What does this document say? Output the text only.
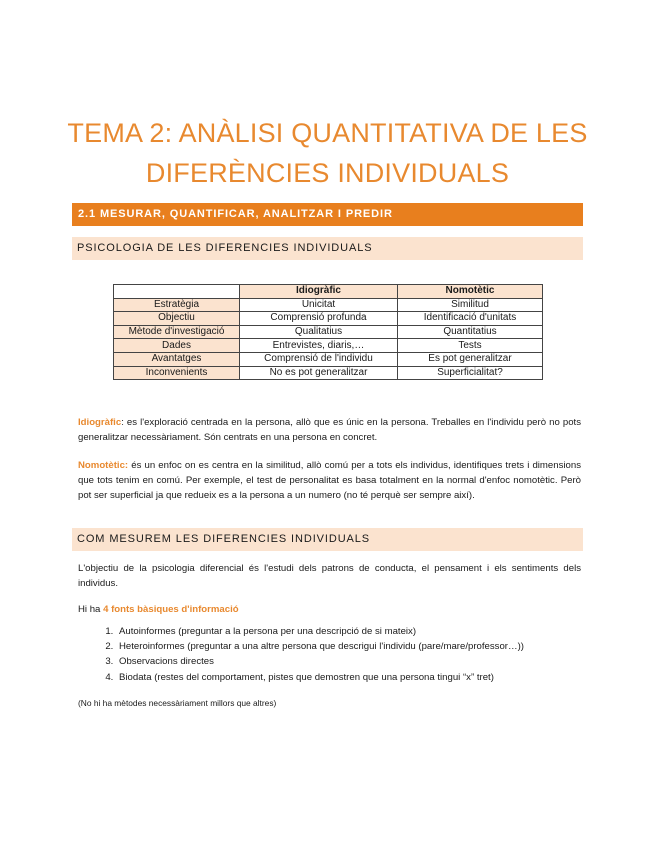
TEMA 2: ANÀLISI QUANTITATIVA DE LES
DIFERÈNCIES INDIVIDUALS
2.1 MESURAR, QUANTIFICAR, ANALITZAR I PREDIR
PSICOLOGIA DE LES DIFERENCIES INDIVIDUALS
	Idiogràfic	Nomotètic
Estratègia	Unicitat	Similitud
Objectiu	Comprensió profunda	Identificació d'unitats
Mètode d'investigació	Qualitatius	Quantitatius
Dades	Entrevistes, diaris,…	Tests
Avantatges	Comprensió de l'individu	Es pot generalitzar
Inconvenients	No es pot generalitzar	Superficialitat?

Idiogràfic: es l'exploració centrada en la persona, allò que es únic en la persona. Treballes en l'individu però no pots generalitzar necessàriament. Són centrats en una persona en concret.

Nomotètic: és un enfoc on es centra en la similitud, allò comú per a tots els individus, identifiques trets i dimensions que tots tenim en comú. Per exemple, el test de personalitat es basa totalment en la normal d'enfoc nomotètic. Però pot ser superficial ja que redueix es a la persona a un numero (no té perquè ser sempre així).

COM MESUREM LES DIFERENCIES INDIVIDUALS

L'objectiu de la psicologia diferencial és l'estudi dels patrons de conducta, el pensament i els sentiments dels individus.

Hi ha 4 fonts bàsiques d'informació

1. Autoinformes (preguntar a la persona per una descripció de si mateix)
2. Heteroinformes (preguntar a una altre persona que descrigui l'individu (pare/mare/professor…))
3. Observacions directes
4. Biodata (restes del comportament, pistes que demostren que una persona tingui “x” tret)
(No hi ha mètodes necessàriament millors que altres)
